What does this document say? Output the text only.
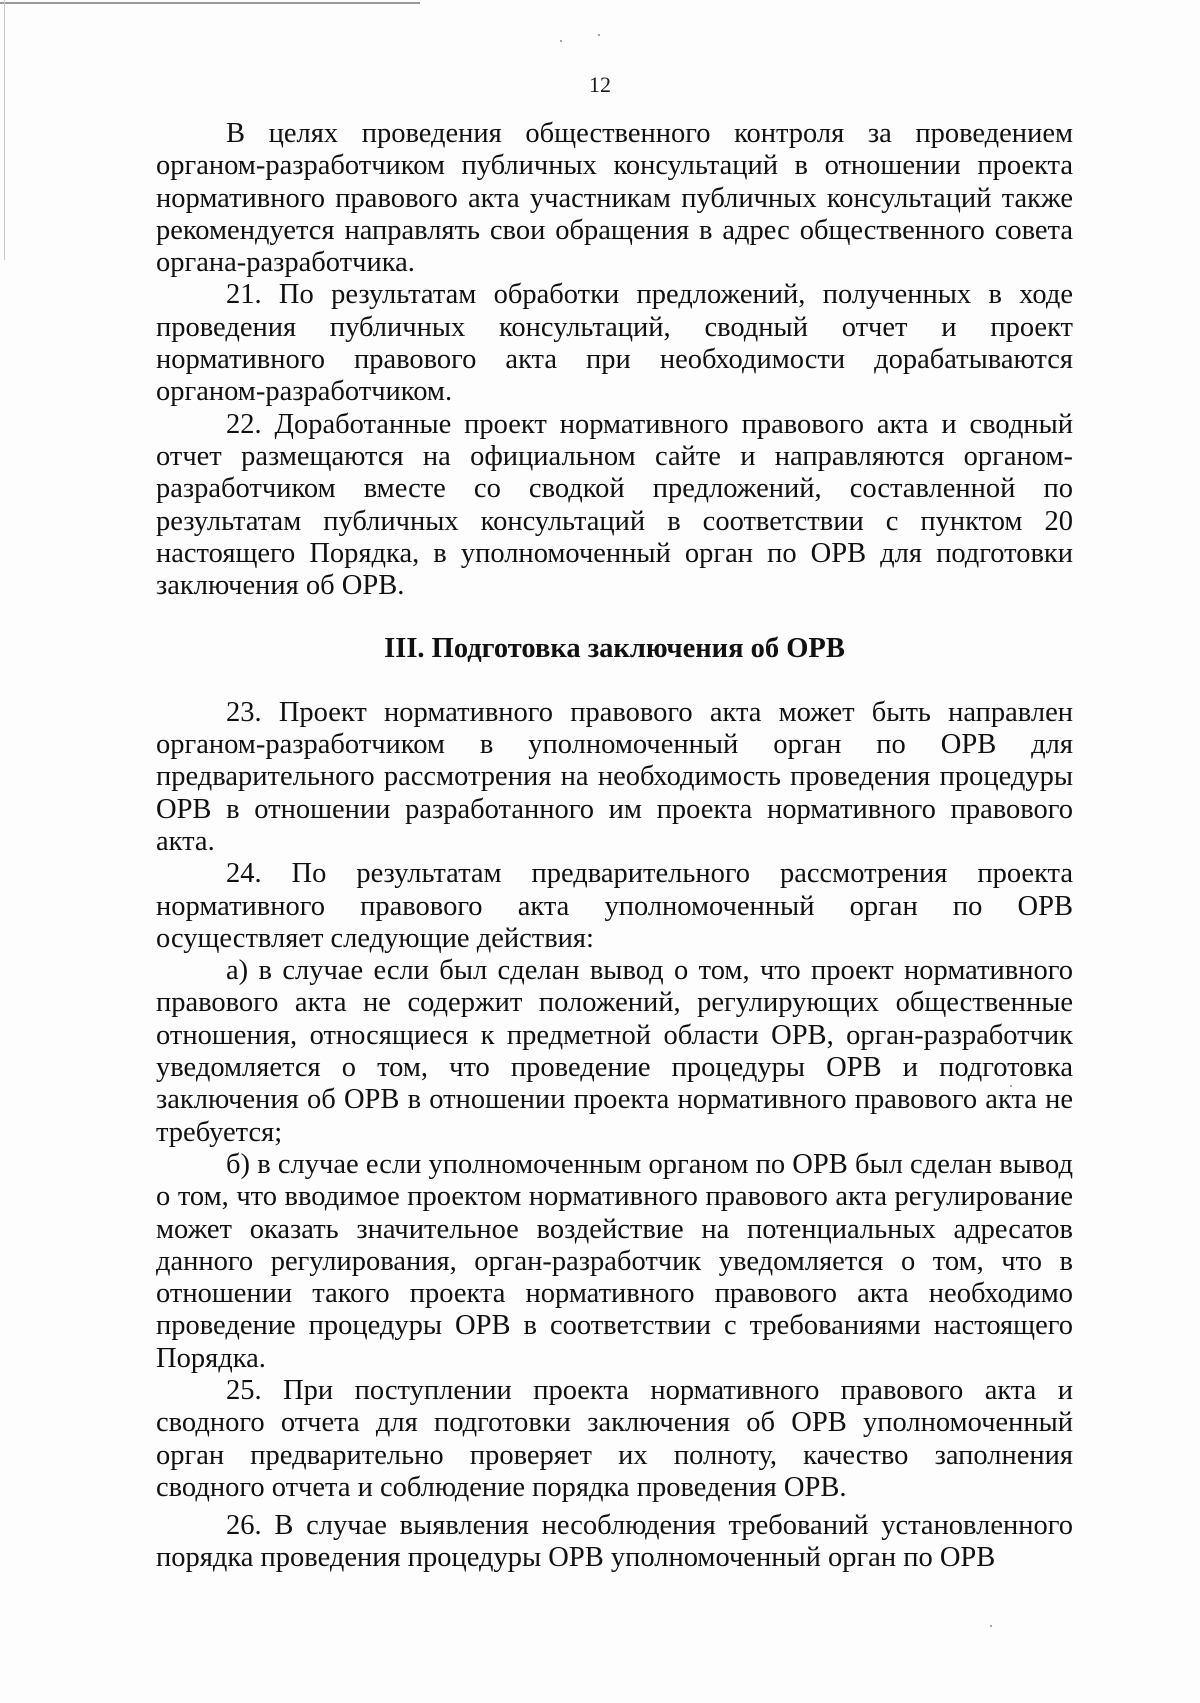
12

В целях проведения общественного контроля за проведением органом-разработчиком публичных консультаций в отношении проекта нормативного правового акта участникам публичных консультаций также рекомендуется направлять свои обращения в адрес общественного совета органа-разработчика.

21. По результатам обработки предложений, полученных в ходе проведения публичных консультаций, сводный отчет и проект нормативного правового акта при необходимости дорабатываются органом-разработчиком.

22. Доработанные проект нормативного правового акта и сводный отчет размещаются на официальном сайте и направляются органом-разработчиком вместе со сводкой предложений, составленной по результатам публичных консультаций в соответствии с пунктом 20 настоящего Порядка, в уполномоченный орган по ОРВ для подготовки заключения об ОРВ.

III. Подготовка заключения об ОРВ

23. Проект нормативного правового акта может быть направлен органом-разработчиком в уполномоченный орган по ОРВ для предварительного рассмотрения на необходимость проведения процедуры ОРВ в отношении разработанного им проекта нормативного правового акта.

24. По результатам предварительного рассмотрения проекта нормативного правового акта уполномоченный орган по ОРВ осуществляет следующие действия:

а) в случае если был сделан вывод о том, что проект нормативного правового акта не содержит положений, регулирующих общественные отношения, относящиеся к предметной области ОРВ, орган-разработчик уведомляется о том, что проведение процедуры ОРВ и подготовка заключения об ОРВ в отношении проекта нормативного правового акта не требуется;

б) в случае если уполномоченным органом по ОРВ был сделан вывод о том, что вводимое проектом нормативного правового акта регулирование может оказать значительное воздействие на потенциальных адресатов данного регулирования, орган-разработчик уведомляется о том, что в отношении такого проекта нормативного правового акта необходимо проведение процедуры ОРВ в соответствии с требованиями настоящего Порядка.

25. При поступлении проекта нормативного правового акта и сводного отчета для подготовки заключения об ОРВ уполномоченный орган предварительно проверяет их полноту, качество заполнения сводного отчета и соблюдение порядка проведения ОРВ.

26. В случае выявления несоблюдения требований установленного порядка проведения процедуры ОРВ уполномоченный орган по ОРВ
